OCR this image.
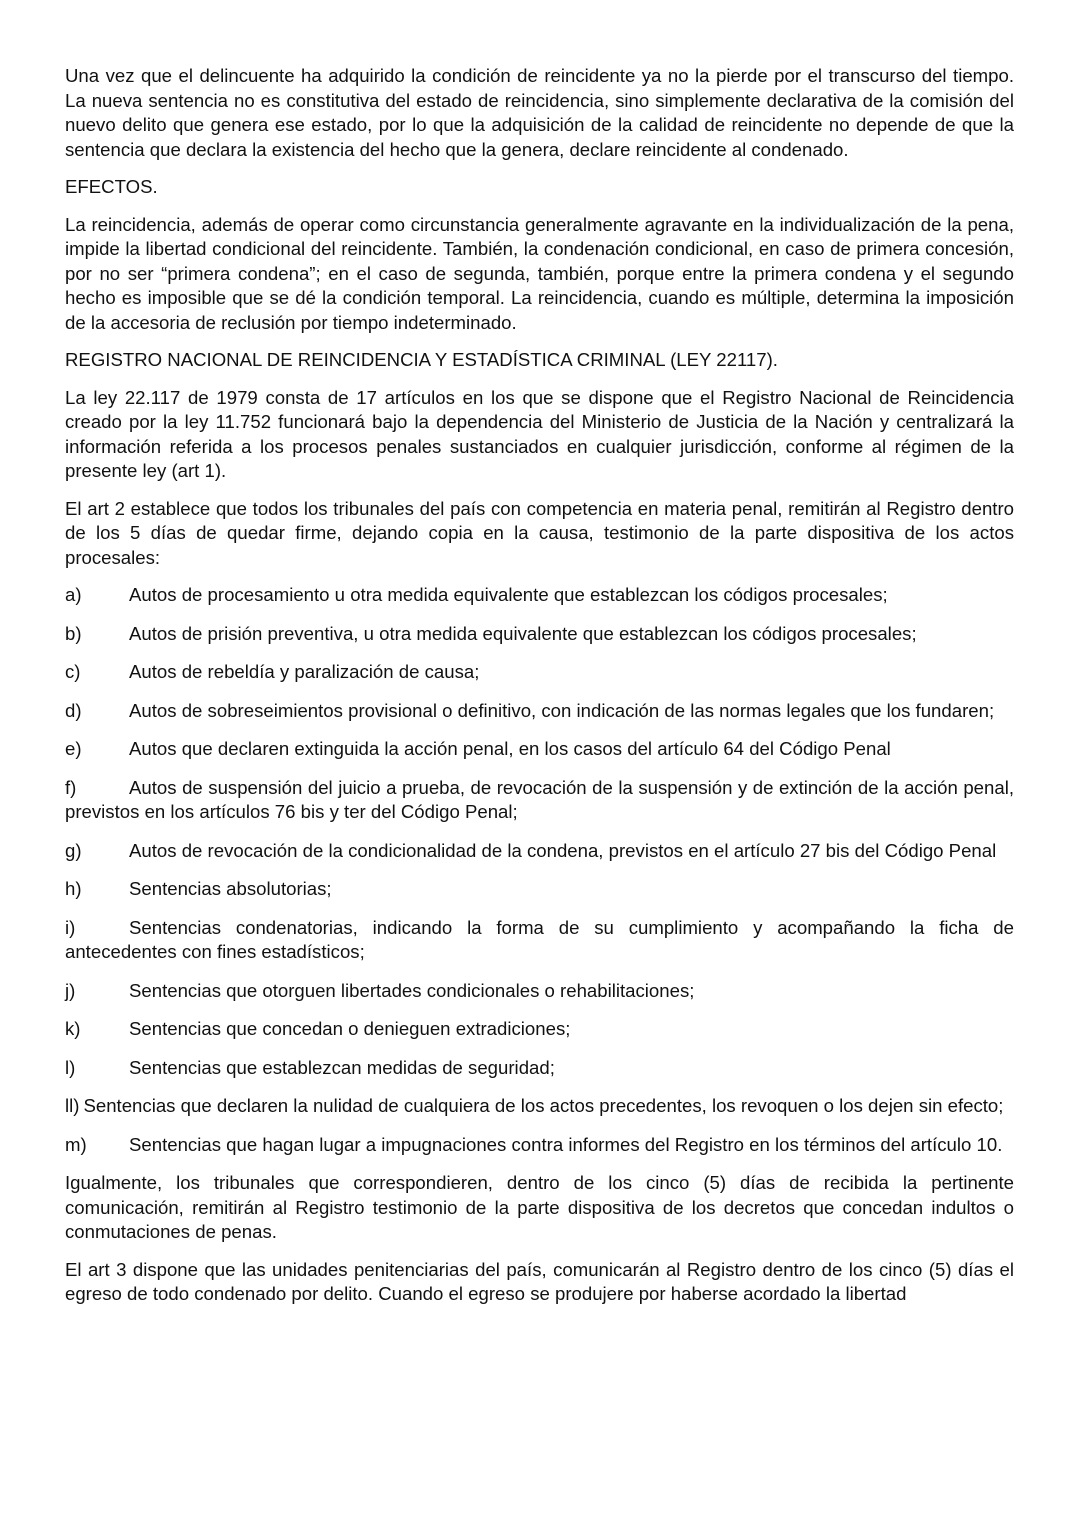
Una vez que el delincuente ha adquirido la condición de reincidente ya no la pierde por el transcurso del tiempo. La nueva sentencia no es constitutiva del estado de reincidencia, sino simplemente declarativa de la comisión del nuevo delito que genera ese estado, por lo que la adquisición de la calidad de reincidente no depende de que la sentencia que declara la existencia del hecho que la genera, declare reincidente al condenado.

EFECTOS.

La reincidencia, además de operar como circunstancia generalmente agravante en la individualización de la pena, impide la libertad condicional del reincidente. También, la condenación condicional, en caso de primera concesión, por no ser “primera condena”; en el caso de segunda, también, porque entre la primera condena y el segundo hecho es imposible que se dé la condición temporal. La reincidencia, cuando es múltiple, determina la imposición de la accesoria de reclusión por tiempo indeterminado.

REGISTRO NACIONAL DE REINCIDENCIA Y ESTADÍSTICA CRIMINAL (LEY 22117).

La ley 22.117 de 1979 consta de 17 artículos en los que se dispone que el Registro Nacional de Reincidencia creado por la ley 11.752 funcionará bajo la dependencia del Ministerio de Justicia de la Nación y centralizará la información referida a los procesos penales sustanciados en cualquier jurisdicción, conforme al régimen de la presente ley (art 1).

El art 2 establece que todos los tribunales del país con competencia en materia penal, remitirán al Registro dentro de los 5 días de quedar firme, dejando copia en la causa, testimonio de la parte dispositiva de los actos procesales:

a)	Autos de procesamiento u otra medida equivalente que establezcan los códigos procesales;

b)	Autos de prisión preventiva, u otra medida equivalente que establezcan los códigos procesales;

c)	Autos de rebeldía y paralización de causa;

d)	Autos de sobreseimientos provisional o definitivo, con indicación de las normas legales que los fundaren;

e)	Autos que declaren extinguida la acción penal, en los casos del artículo 64 del Código Penal

f)	Autos de suspensión del juicio a prueba, de revocación de la suspensión y de extinción de la acción penal, previstos en los artículos 76 bis y ter del Código Penal;

g)	Autos de revocación de la condicionalidad de la condena, previstos en el artículo 27 bis del Código Penal

h)	Sentencias absolutorias;

i)	Sentencias condenatorias, indicando la forma de su cumplimiento y acompañando la ficha de antecedentes con fines estadísticos;

j)	Sentencias que otorguen libertades condicionales o rehabilitaciones;

k)	Sentencias que concedan o denieguen extradiciones;

l)	Sentencias que establezcan medidas de seguridad;

ll) Sentencias que declaren la nulidad de cualquiera de los actos precedentes, los revoquen o los dejen sin efecto;

m) Sentencias que hagan lugar a impugnaciones contra informes del Registro en los términos del artículo 10.

Igualmente, los tribunales que correspondieren, dentro de los cinco (5) días de recibida la pertinente comunicación, remitirán al Registro testimonio de la parte dispositiva de los decretos que concedan indultos o conmutaciones de penas.

El art 3 dispone que las unidades penitenciarias del país, comunicarán al Registro dentro de los cinco (5) días el egreso de todo condenado por delito. Cuando el egreso se produjere por haberse acordado la libertad
